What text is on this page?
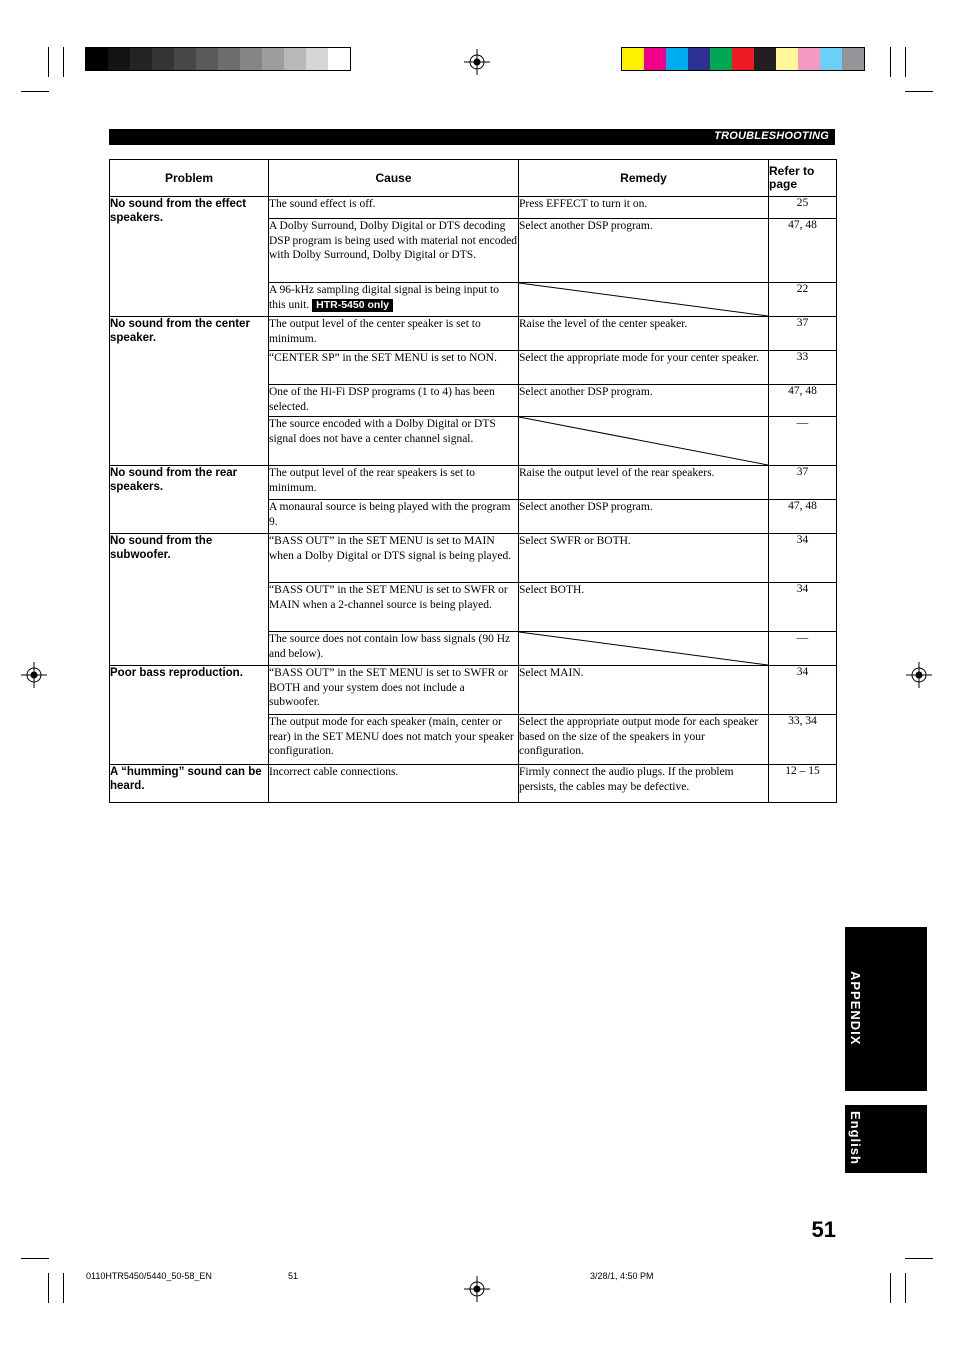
TROUBLESHOOTING
Problem	Cause	Remedy	Refer to page
No sound from the effect speakers.	The sound effect is off.	Press EFFECT to turn it on.	25
	A Dolby Surround, Dolby Digital or DTS decoding DSP program is being used with material not encoded with Dolby Surround, Dolby Digital or DTS.	Select another DSP program.	47, 48
	A 96-kHz sampling digital signal is being input to this unit. HTR-5450 only		22
No sound from the center speaker.	The output level of the center speaker is set to minimum.	Raise the level of the center speaker.	37
	“CENTER SP” in the SET MENU is set to NON.	Select the appropriate mode for your center speaker.	33
	One of the Hi-Fi DSP programs (1 to 4) has been selected.	Select another DSP program.	47, 48
	The source encoded with a Dolby Digital or DTS signal does not have a center channel signal.		—
No sound from the rear speakers.	The output level of the rear speakers is set to minimum.	Raise the output level of the rear speakers.	37
	A monaural source is being played with the program 9.	Select another DSP program.	47, 48
No sound from the subwoofer.	“BASS OUT” in the SET MENU is set to MAIN when a Dolby Digital or DTS signal is being played.	Select SWFR or BOTH.	34
	“BASS OUT” in the SET MENU is set to SWFR or MAIN when a 2-channel source is being played.	Select BOTH.	34
	The source does not contain low bass signals (90 Hz and below).		—
Poor bass reproduction.	“BASS OUT” in the SET MENU is set to SWFR or BOTH and your system does not include a subwoofer.	Select MAIN.	34
	The output mode for each speaker (main, center or rear) in the SET MENU does not match your speaker configuration.	Select the appropriate output mode for each speaker based on the size of the speakers in your configuration.	33, 34
A “humming” sound can be heard.	Incorrect cable connections.	Firmly connect the audio plugs. If the problem persists, the cables may be defective.	12 – 15
APPENDIX
English
51
0110HTR5450/5440_50-58_EN	51	3/28/1, 4:50 PM
